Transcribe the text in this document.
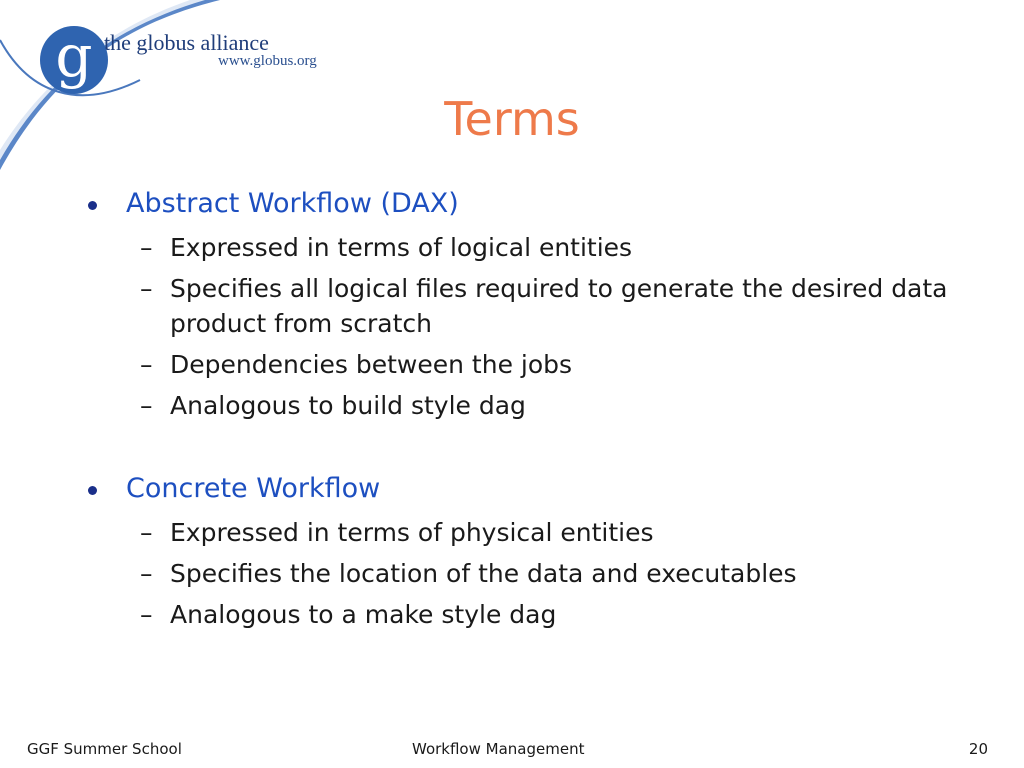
g the globus alliance
www.globus.org
Terms
Abstract Workflow (DAX)
– Expressed in terms of logical entities
– Specifies all logical files required to generate the desired data product from scratch
– Dependencies between the jobs
– Analogous to build style dag
Concrete Workflow
– Expressed in terms of physical entities
– Specifies the location of the data and executables
– Analogous to a make style dag
GGF Summer School	Workflow Management	20
